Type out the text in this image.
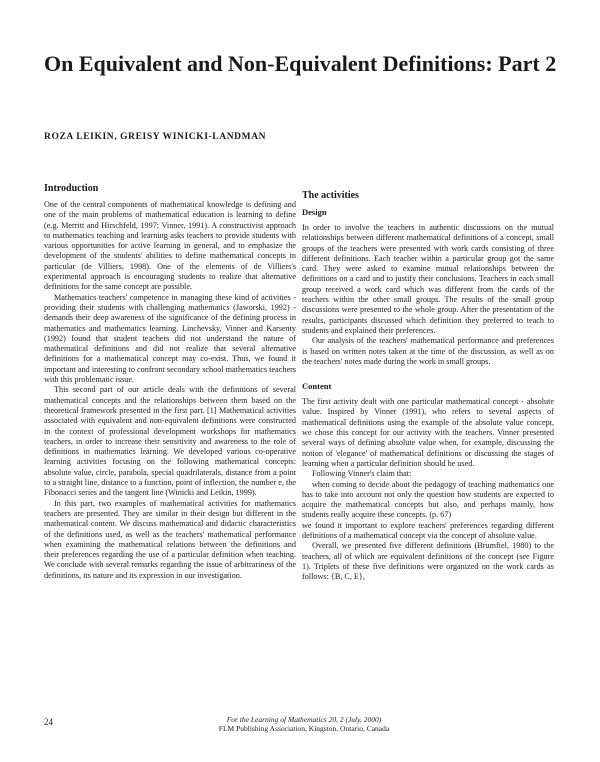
On Equivalent and Non-Equivalent Definitions: Part 2
ROZA LEIKIN, GREISY WINICKI-LANDMAN
Introduction

One of the central components of mathematical knowledge is defining and one of the main problems of mathematical education is learning to define (e.g. Merritt and Hirschfeld, 1997; Vinner, 1991). A constructivist approach to mathematics teaching and learning asks teachers to provide students with various opportunities for active learning in general, and to emphasize the development of the students' abilities to define mathematical concepts in particular (de Villiers, 1998). One of the elements of de Villiers's experimental approach is encouraging students to realize that alternative definitions for the same concept are possible.

Mathematics teachers' competence in managing these kind of activities - providing their students with challenging mathematics (Jaworski, 1992) - demands their deep awareness of the significance of the defining process in mathematics and mathematics learning. Linchevsky, Vinner and Karsenty (1992) found that student teachers did not understand the nature of mathematical definitions and did not realize that several alternative definitions for a mathematical concept may co-exist. Thus, we found it important and interesting to confront secondary school mathematics teachers with this problematic issue.

This second part of our article deals with the definitions of several mathematical concepts and the relationships between them based on the theoretical framework presented in the first part. [1] Mathematical activities associated with equivalent and non-equivalent definitions were constructed in the context of professional development workshops for mathematics teachers, in order to increase their sensitivity and awareness to the role of definitions in mathematics learning. We developed various co-operative learning activities focusing on the following mathematical concepts: absolute value, circle, parabola, special quadrilaterals, distance from a point to a straight line, distance to a function, point of inflection, the number e, the Fibonacci series and the tangent line (Winicki and Leikin, 1999).

In this part, two examples of mathematical activities for mathematics teachers are presented. They are similar in their design but different in the mathematical content. We discuss mathematical and didactic characteristics of the definitions used, as well as the teachers' mathematical performance when examining the mathematical relations between the definitions and their preferences regarding the use of a particular definition when teaching. We conclude with several remarks regarding the issue of arbitrariness of the definitions, its nature and its expression in our investigation.

The activities
Design

In order to involve the teachers in authentic discussions on the mutual relationships between different mathematical definitions of a concept, small groups of the teachers were presented with work cards consisting of three different definitions. Each teacher within a particular group got the same card. They were asked to examine mutual relationships between the definitions on a card and to justify their conclusions. Teachers in each small group received a work card which was different from the cards of the teachers within the other small groups. The results of the small group discussions were presented to the whole group. After the presentation of the results, participants discussed which definition they preferred to teach to students and explained their preferences.

Our analysis of the teachers' mathematical performance and preferences is based on written notes taken at the time of the discussion, as well as on the teachers' notes made during the work in small groups.

Content

The first activity dealt with one particular mathematical concept - absolute value. Inspired by Vinner (1991), who refers to several aspects of mathematical definitions using the example of the absolute value concept, we chose this concept for our activity with the teachers. Vinner presented several ways of defining absolute value when, for example, discussing the notion of 'elegance' of mathematical definitions or discussing the stages of learning when a particular definition should be used.

Following Vinner's claim that:

when coming to decide about the pedagogy of teaching mathematics one has to take into account not only the question how students are expected to acquire the mathematical concepts but also, and perhaps mainly, how students really acquire these concepts. (p. 67)

we found it important to explore teachers' preferences regarding different definitions of a mathematical concept via the concept of absolute value.

Overall, we presented five different definitions (Brumfiel, 1980) to the teachers, all of which are equivalent definitions of the concept (see Figure 1). Triplets of these five definitions were organized on the work cards as follows: {B, C, E},

24	For the Learning of Mathematics 20, 2 (July, 2000)
FLM Publishing Association, Kingston, Ontario, Canada
